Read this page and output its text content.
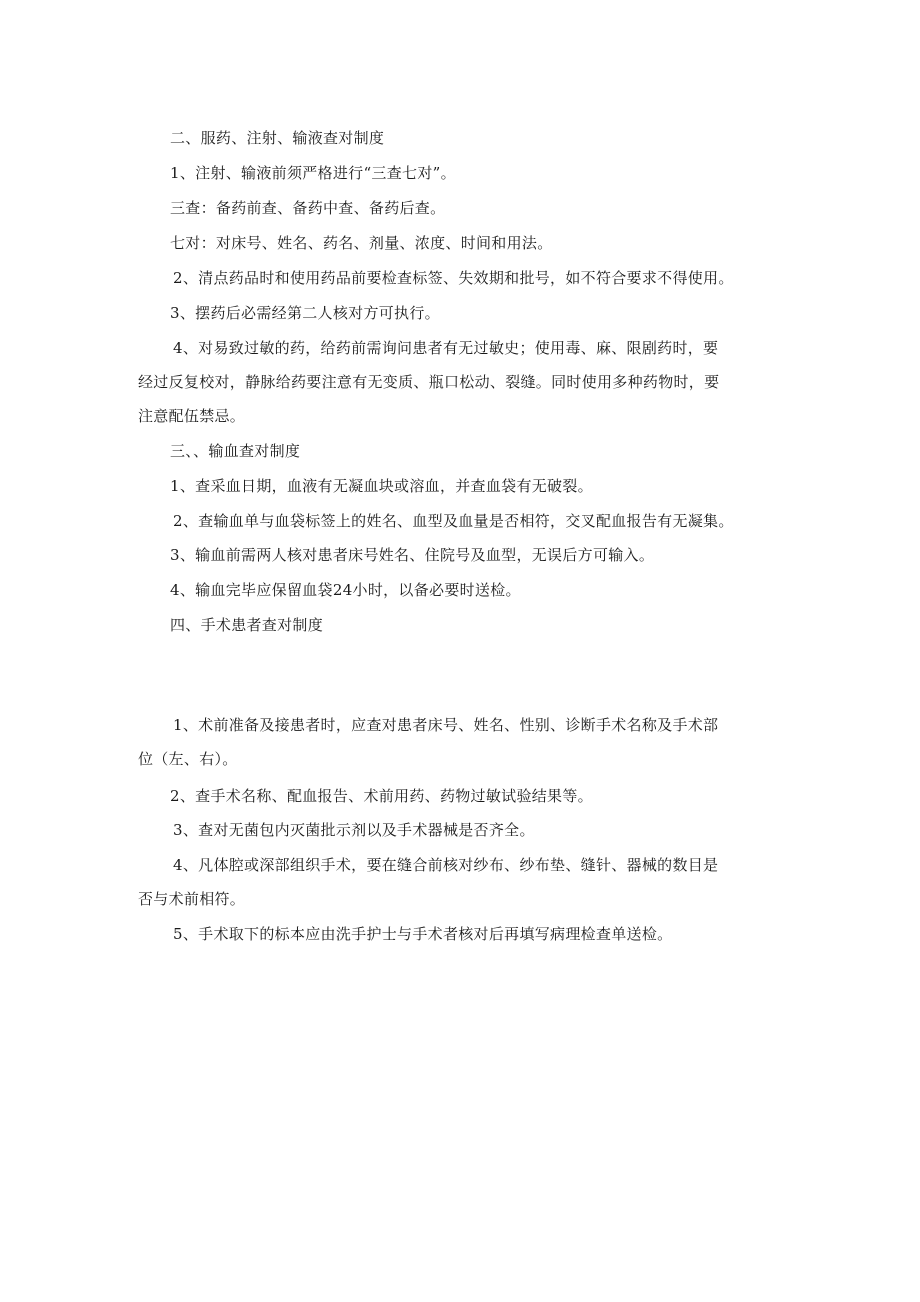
二、服药、注射、输液查对制度
1、注射、输液前须严格进行“三查七对”。
三查：备药前查、备药中查、备药后查。
七对：对床号、姓名、药名、剂量、浓度、时间和用法。
2、清点药品时和使用药品前要检查标签、失效期和批号，如不符合要求不得使用。
3、摆药后必需经第二人核对方可执行。
4、对易致过敏的药，给药前需询问患者有无过敏史；使用毒、麻、限剧药时，要
经过反复校对，静脉给药要注意有无变质、瓶口松动、裂缝。同时使用多种药物时，要
注意配伍禁忌。
三、、输血查对制度
1、查采血日期，血液有无凝血块或溶血，并查血袋有无破裂。
2、查输血单与血袋标签上的姓名、血型及血量是否相符，交叉配血报告有无凝集。
3、输血前需两人核对患者床号姓名、住院号及血型，无误后方可输入。
4、输血完毕应保留血袋24小时，以备必要时送检。
四、手术患者查对制度
1、术前准备及接患者时，应查对患者床号、姓名、性别、诊断手术名称及手术部
位（左、右）。
2、查手术名称、配血报告、术前用药、药物过敏试验结果等。
3、查对无菌包内灭菌批示剂以及手术器械是否齐全。
4、凡体腔或深部组织手术，要在缝合前核对纱布、纱布垫、缝针、器械的数目是
否与术前相符。
5、手术取下的标本应由洗手护士与手术者核对后再填写病理检查单送检。
